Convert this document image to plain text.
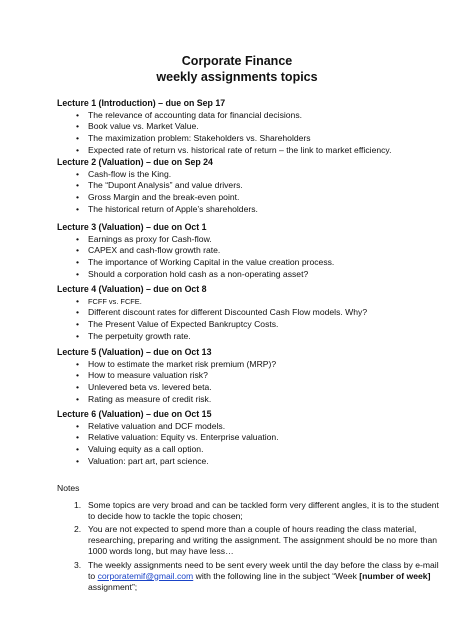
Corporate Finance
weekly assignments topics
Lecture 1 (Introduction) – due on Sep 17
• The relevance of accounting data for financial decisions.
• Book value vs. Market Value.
• The maximization problem: Stakeholders vs. Shareholders
• Expected rate of return vs. historical rate of return – the link to market efficiency.
Lecture 2 (Valuation) – due on Sep 24
• Cash-flow is the King.
• The “Dupont Analysis” and value drivers.
• Gross Margin and the break-even point.
• The historical return of Apple’s shareholders.
Lecture 3 (Valuation) – due on Oct 1
• Earnings as proxy for Cash-flow.
• CAPEX and cash-flow growth rate.
• The importance of Working Capital in the value creation process.
• Should a corporation hold cash as a non-operating asset?
Lecture 4 (Valuation) – due on Oct 8
• FCFF vs. FCFE.
• Different discount rates for different Discounted Cash Flow models. Why?
• The Present Value of Expected Bankruptcy Costs.
• The perpetuity growth rate.
Lecture 5 (Valuation) – due on Oct 13
• How to estimate the market risk premium (MRP)?
• How to measure valuation risk?
• Unlevered beta vs. levered beta.
• Rating as measure of credit risk.
Lecture 6 (Valuation) – due on Oct 15
• Relative valuation and DCF models.
• Relative valuation: Equity vs. Enterprise valuation.
• Valuing equity as a call option.
• Valuation: part art, part science.
Notes
1. Some topics are very broad and can be tackled form very different angles, it is to the student

to decide how to tackle the topic chosen;

2. You are not expected to spend more than a couple of hours reading the class material,

researching, preparing and writing the assignment. The assignment should be no more than

1000 words long, but may have less…

3. The weekly assignments need to be sent every week until the day before the class by e-mail

to corporatemif@gmail.com with the following line in the subject “Week [number of week]

assignment”;
